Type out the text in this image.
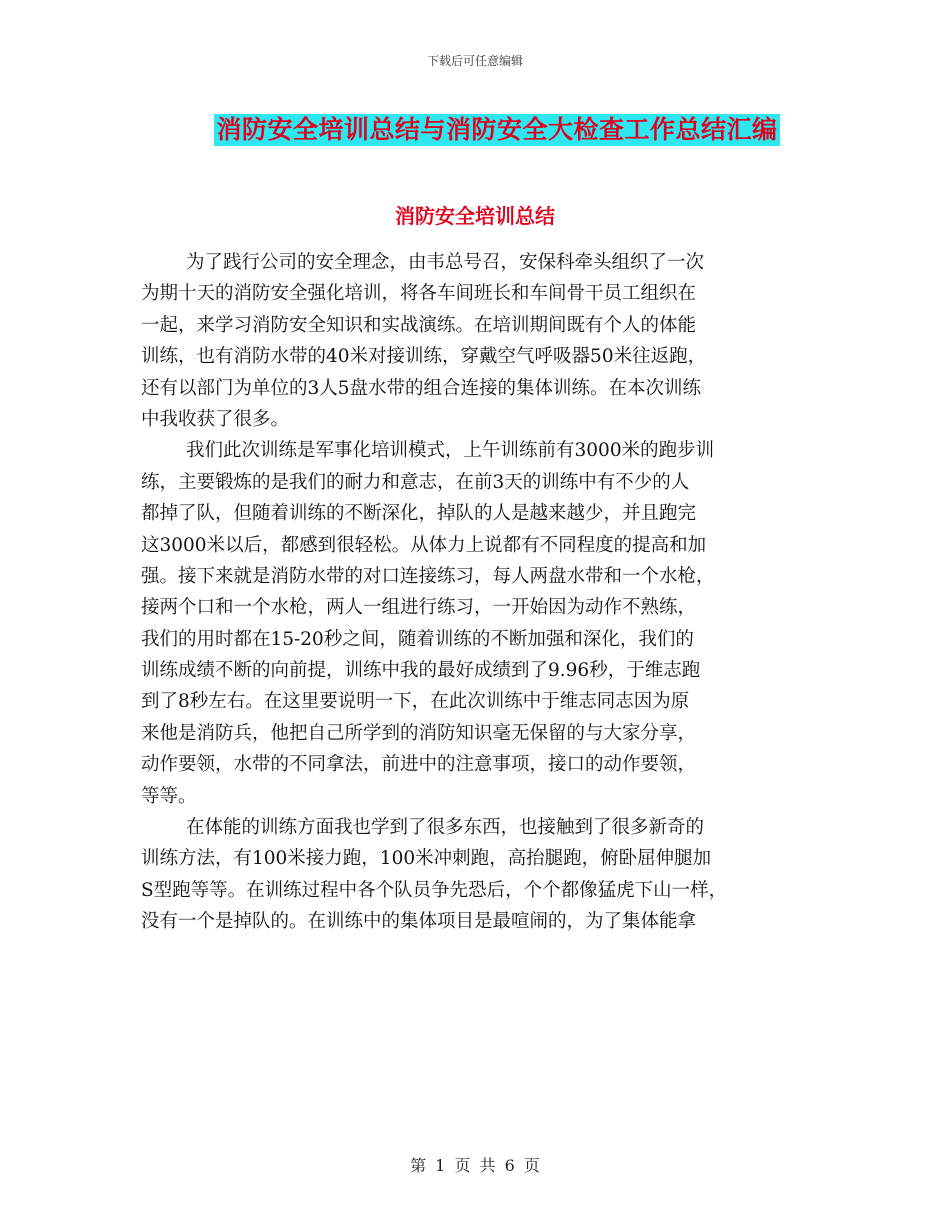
下载后可任意编辑
消防安全培训总结与消防安全大检查工作总结汇编
消防安全培训总结
为了践行公司的安全理念，由韦总号召，安保科牵头组织了一次
为期十天的消防安全强化培训，将各车间班长和车间骨干员工组织在
一起，来学习消防安全知识和实战演练。在培训期间既有个人的体能
训练，也有消防水带的40米对接训练，穿戴空气呼吸器50米往返跑，
还有以部门为单位的3人5盘水带的组合连接的集体训练。在本次训练
中我收获了很多。
我们此次训练是军事化培训模式，上午训练前有3000米的跑步训
练，主要锻炼的是我们的耐力和意志，在前3天的训练中有不少的人
都掉了队，但随着训练的不断深化，掉队的人是越来越少，并且跑完
这3000米以后，都感到很轻松。从体力上说都有不同程度的提高和加
强。接下来就是消防水带的对口连接练习，每人两盘水带和一个水枪，
接两个口和一个水枪，两人一组进行练习，一开始因为动作不熟练，
我们的用时都在15-20秒之间，随着训练的不断加强和深化，我们的
训练成绩不断的向前提，训练中我的最好成绩到了9.96秒，于维志跑
到了8秒左右。在这里要说明一下，在此次训练中于维志同志因为原
来他是消防兵，他把自己所学到的消防知识毫无保留的与大家分享，
动作要领，水带的不同拿法，前进中的注意事项，接口的动作要领，
等等。
在体能的训练方面我也学到了很多东西，也接触到了很多新奇的
训练方法，有100米接力跑，100米冲刺跑，高抬腿跑，俯卧屈伸腿加
S型跑等等。在训练过程中各个队员争先恐后，个个都像猛虎下山一样，
没有一个是掉队的。在训练中的集体项目是最喧闹的，为了集体能拿
第 1 页 共 6 页
